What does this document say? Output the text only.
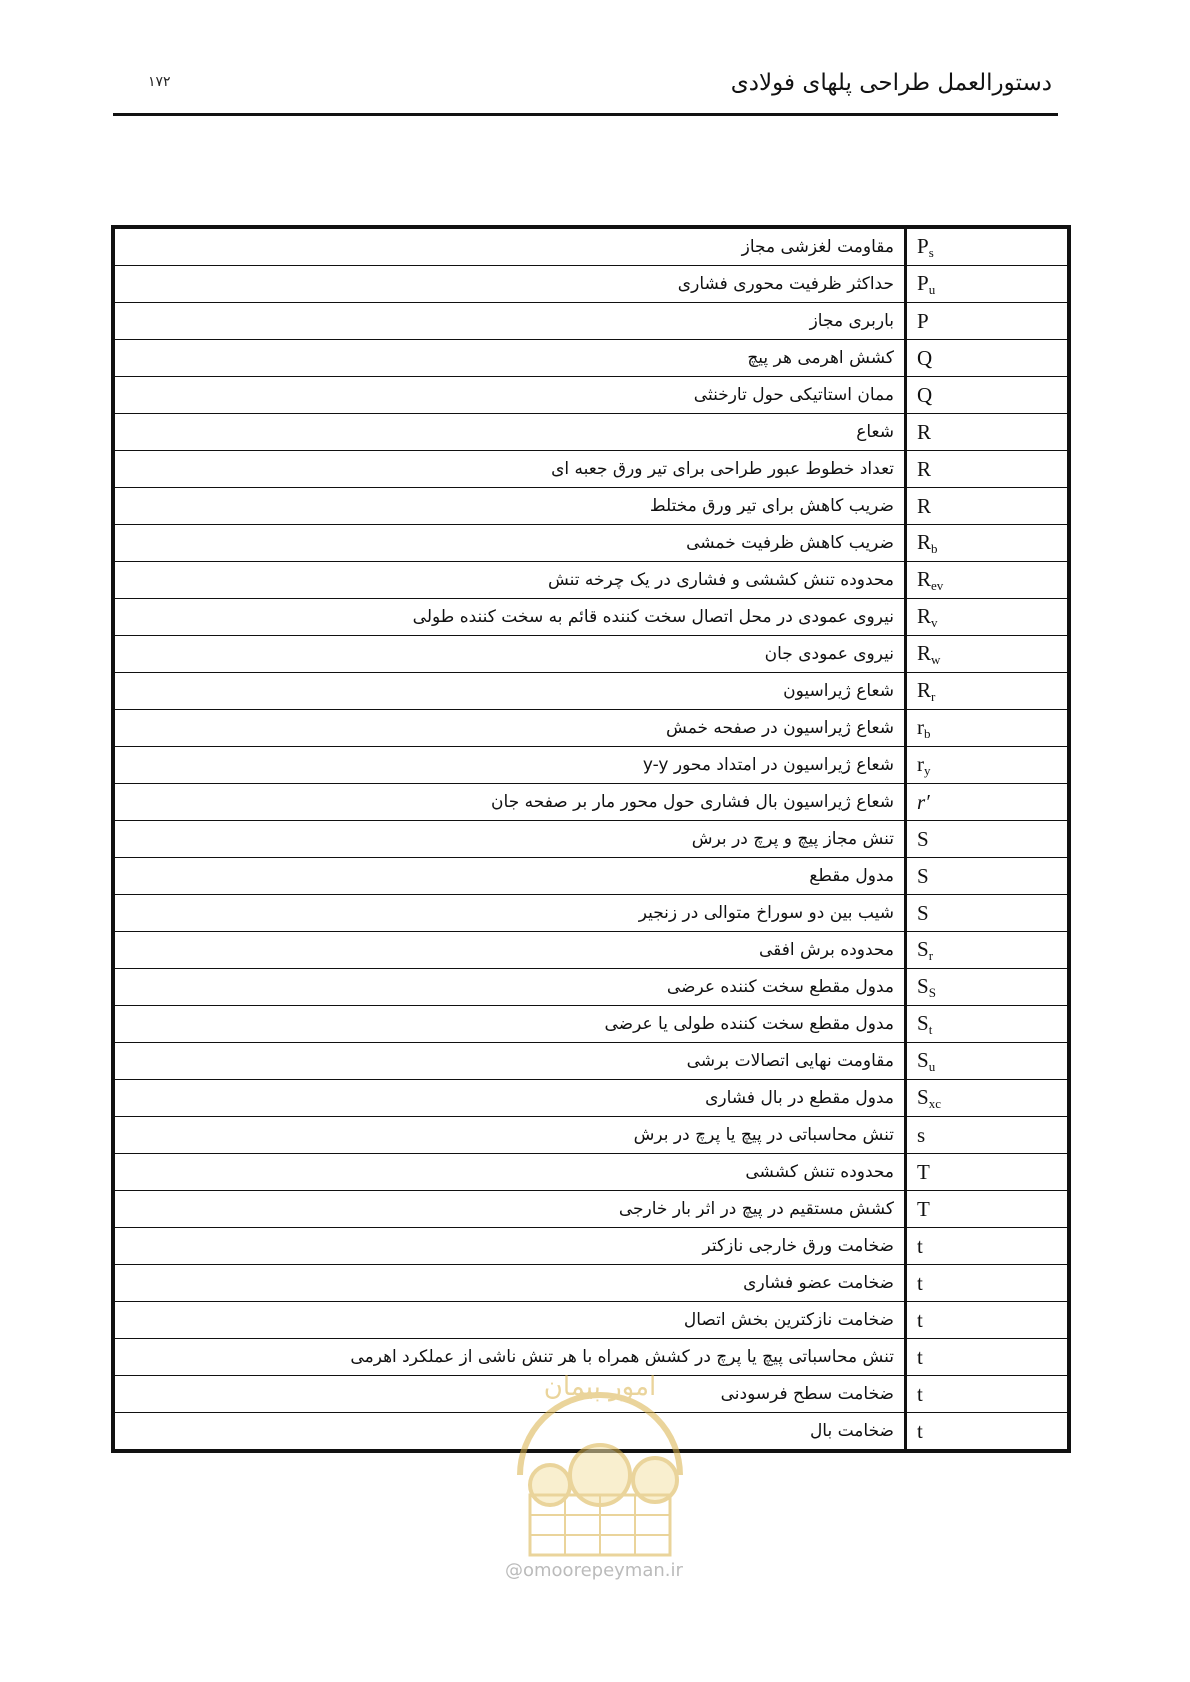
دستورالعمل طراحی پلهای فولادی
۱۷۲
مقاومت لغزشی مجاز	$P_s$
حداکثر ظرفیت محوری فشاری	$P_u$
باربری مجاز	P
کشش اهرمی هر پیچ	Q
ممان استاتیکی حول تارخنثی	Q
شعاع	R
تعداد خطوط عبور طراحی برای تیر ورق جعبه ای	R
ضریب کاهش برای تیر ورق مختلط	R
ضریب کاهش ظرفیت خمشی	$R_b$
محدوده تنش کششی و فشاری در یک چرخه تنش	$R_{ev}$
نیروی عمودی در محل اتصال سخت کننده قائم به سخت کننده طولی	$R_v$
نیروی عمودی جان	$R_w$
شعاع ژیراسیون	$R_r$
شعاع ژیراسیون در صفحه خمش	$r_b$
شعاع ژیراسیون در امتداد محور y-y	$r_y$
شعاع ژیراسیون بال فشاری حول محور مار بر صفحه جان	r′
تنش مجاز پیچ و پرچ در برش	S
مدول مقطع	S
شیب بین دو سوراخ متوالی در زنجیر	S
محدوده برش افقی	$S_r$
مدول مقطع سخت کننده عرضی	$S_S$
مدول مقطع سخت کننده طولی یا عرضی	$S_t$
مقاومت نهایی اتصالات برشی	$S_u$
مدول مقطع در بال فشاری	$S_{xc}$
تنش محاسباتی در پیچ یا پرچ در برش	s
محدوده تنش کششی	T
کشش مستقیم در پیچ در اثر بار خارجی	T
ضخامت ورق خارجی نازکتر	t
ضخامت عضو فشاری	t
ضخامت نازکترین بخش اتصال	t
تنش محاسباتی پیچ یا پرچ در کشش همراه با هر تنش ناشی از عملکرد اهرمی	t
ضخامت سطح فرسودنی	t
ضخامت بال	t
امور پیمان
@omoorepeyman.ir
